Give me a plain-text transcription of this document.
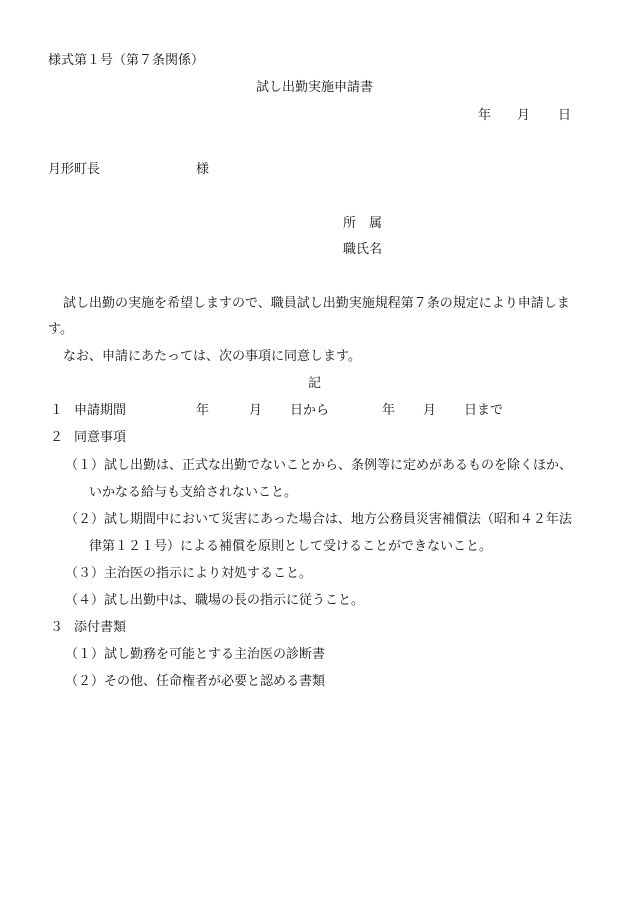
様式第１号（第７条関係）
試し出勤実施申請書
年 月 日
月形町長	様
所　属
職氏名
試し出勤の実施を希望しますので、職員試し出勤実施規程第７条の規定により申請しま
す。
なお、申請にあたっては、次の事項に同意します。
記
１ 申請期間	年	月 日から	年 月 日まで
２ 同意事項
（１）試し出勤は、正式な出勤でないことから、条例等に定めがあるものを除くほか、
いかなる給与も支給されないこと。
（２）試し期間中において災害にあった場合は、地方公務員災害補償法（昭和４２年法
律第１２１号）による補償を原則として受けることができないこと。
（３）主治医の指示により対処すること。
（４）試し出勤中は、職場の長の指示に従うこと。
３ 添付書類
（１）試し勤務を可能とする主治医の診断書
（２）その他、任命権者が必要と認める書類
